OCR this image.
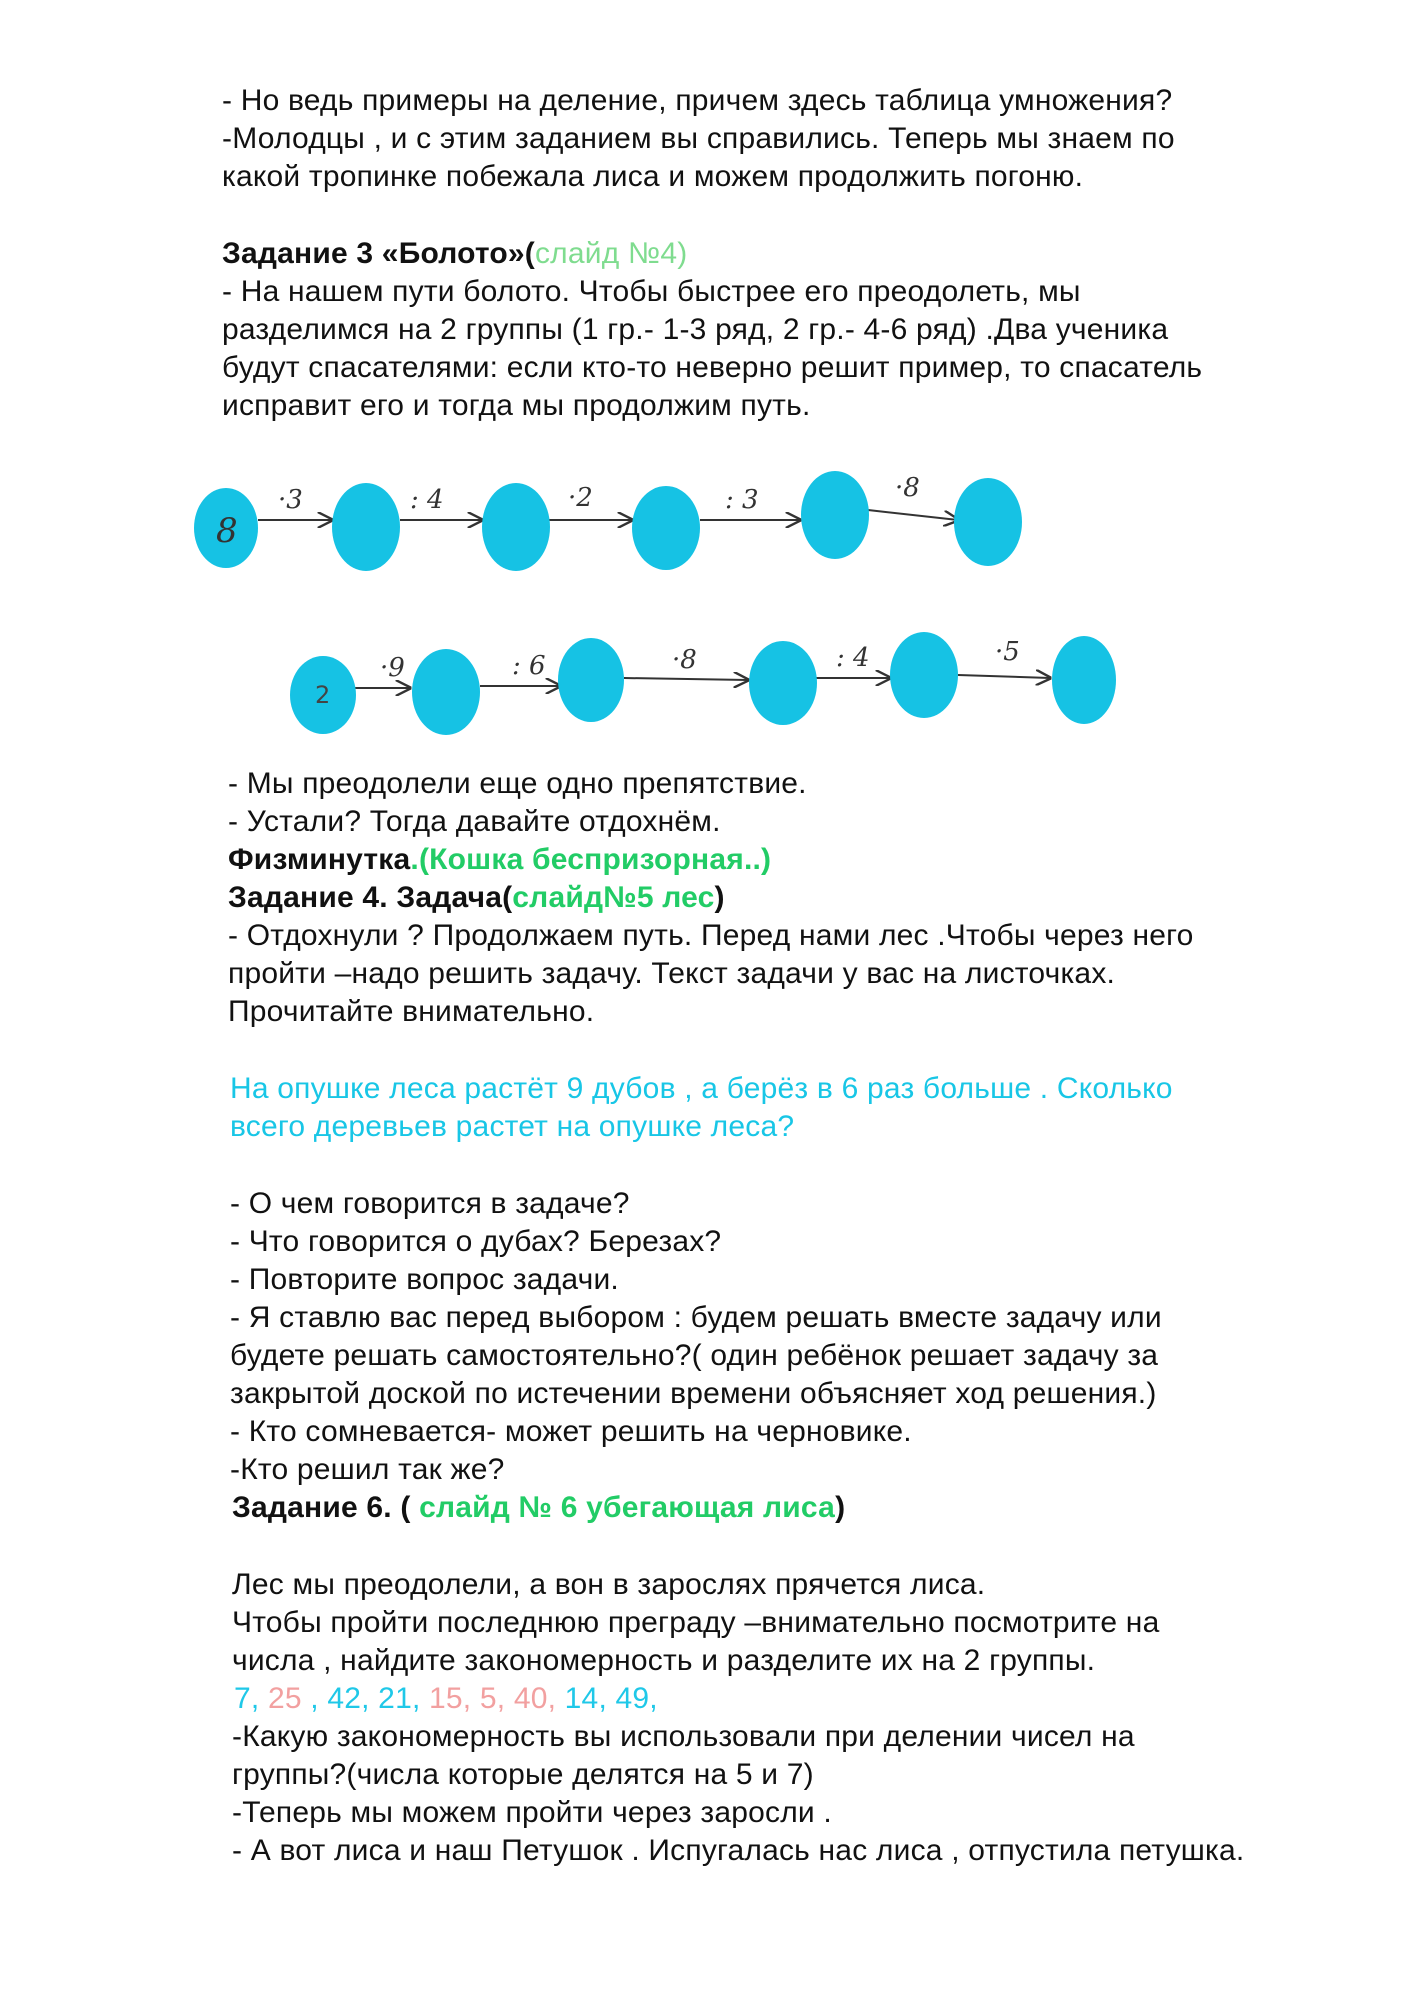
- Но ведь примеры на деление, причем здесь таблица умножения?
-Молодцы , и с этим заданием вы справились. Теперь мы знаем по
какой тропинке побежала лиса и можем продолжить погоню.
Задание 3 «Болото»(слайд №4)
- На нашем пути болото. Чтобы быстрее его преодолеть, мы
разделимся на 2 группы (1 гр.- 1-3 ряд, 2 гр.- 4-6 ряд) .Два ученика
будут спасателями: если кто-то неверно решит пример, то спасатель
исправит его и тогда мы продолжим путь.
8
·3	: 4	·2	: 3	·8
2
·9	: 6	·8	: 4	·5
- Мы преодолели еще одно препятствие.
- Устали? Тогда давайте отдохнём.
Физминутка.(Кошка беспризорная..)
Задание 4. Задача(слайд№5 лес)
- Отдохнули ? Продолжаем путь. Перед нами лес .Чтобы через него
пройти –надо решить задачу. Текст задачи у вас на листочках.
Прочитайте внимательно.
На опушке леса растёт 9 дубов , а берёз в 6 раз больше . Сколько
всего деревьев растет на опушке леса?
- О чем говорится в задаче?
- Что говорится о дубах? Березах?
- Повторите вопрос задачи.
- Я ставлю вас перед выбором : будем решать вместе задачу или
будете решать самостоятельно?( один ребёнок решает задачу за
закрытой доской по истечении времени объясняет ход решения.)
- Кто сомневается- может решить на черновике.
-Кто решил так же?
Задание 6. ( слайд № 6 убегающая лиса)
Лес мы преодолели, а вон в зарослях прячется лиса.
Чтобы пройти последнюю преграду –внимательно посмотрите на
числа , найдите закономерность и разделите их на 2 группы.
7, 25 , 42, 21, 15, 5, 40, 14, 49,
-Какую закономерность вы использовали при делении чисел на
группы?(числа которые делятся на 5 и 7)
-Теперь мы можем пройти через заросли .
- А вот лиса и наш Петушок . Испугалась нас лиса , отпустила петушка.
